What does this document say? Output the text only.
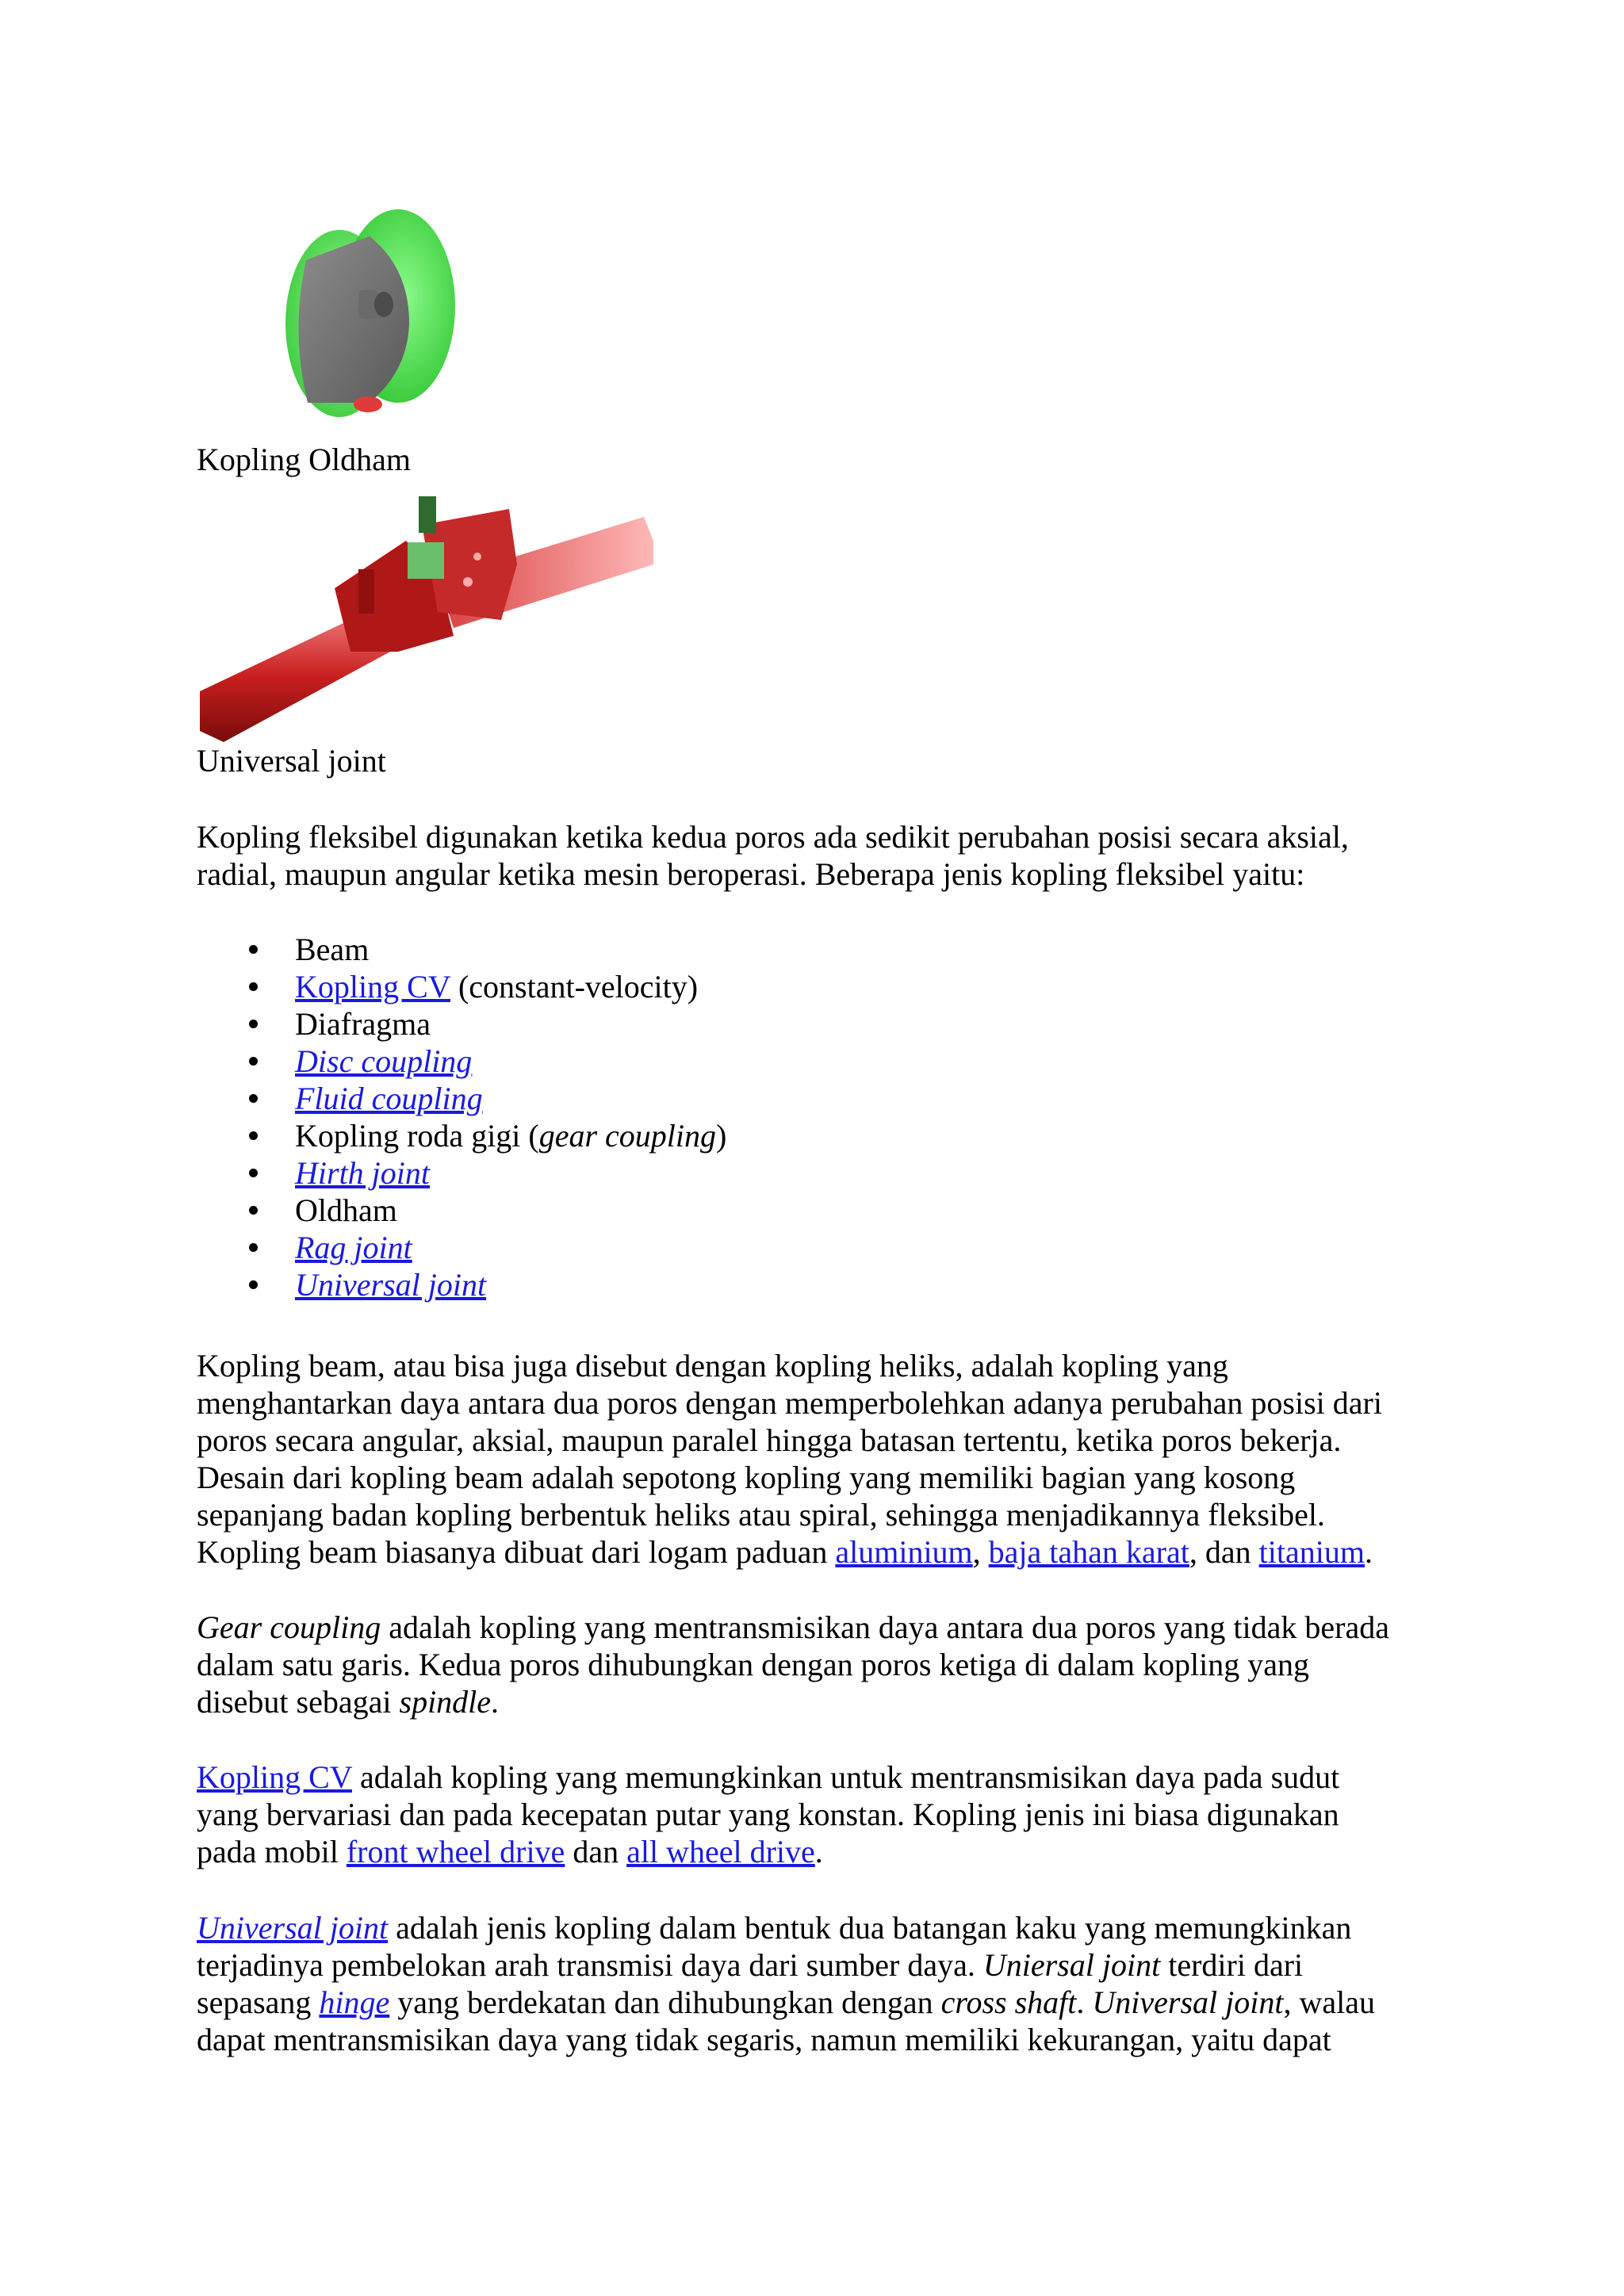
Kopling Oldham
Universal joint
Kopling fleksibel digunakan ketika kedua poros ada sedikit perubahan posisi secara aksial,
radial, maupun angular ketika mesin beroperasi. Beberapa jenis kopling fleksibel yaitu:
Beam
Kopling CV (constant-velocity)
Diafragma
Disc coupling
Fluid coupling
Kopling roda gigi (gear coupling)
Hirth joint
Oldham
Rag joint
Universal joint
Kopling beam, atau bisa juga disebut dengan kopling heliks, adalah kopling yang
menghantarkan daya antara dua poros dengan memperbolehkan adanya perubahan posisi dari
poros secara angular, aksial, maupun paralel hingga batasan tertentu, ketika poros bekerja.
Desain dari kopling beam adalah sepotong kopling yang memiliki bagian yang kosong
sepanjang badan kopling berbentuk heliks atau spiral, sehingga menjadikannya fleksibel.
Kopling beam biasanya dibuat dari logam paduan aluminium, baja tahan karat, dan titanium.
Gear coupling adalah kopling yang mentransmisikan daya antara dua poros yang tidak berada
dalam satu garis. Kedua poros dihubungkan dengan poros ketiga di dalam kopling yang
disebut sebagai spindle.
Kopling CV adalah kopling yang memungkinkan untuk mentransmisikan daya pada sudut
yang bervariasi dan pada kecepatan putar yang konstan. Kopling jenis ini biasa digunakan
pada mobil front wheel drive dan all wheel drive.
Universal joint adalah jenis kopling dalam bentuk dua batangan kaku yang memungkinkan
terjadinya pembelokan arah transmisi daya dari sumber daya. Uniersal joint terdiri dari
sepasang hinge yang berdekatan dan dihubungkan dengan cross shaft. Universal joint, walau
dapat mentransmisikan daya yang tidak segaris, namun memiliki kekurangan, yaitu dapat
